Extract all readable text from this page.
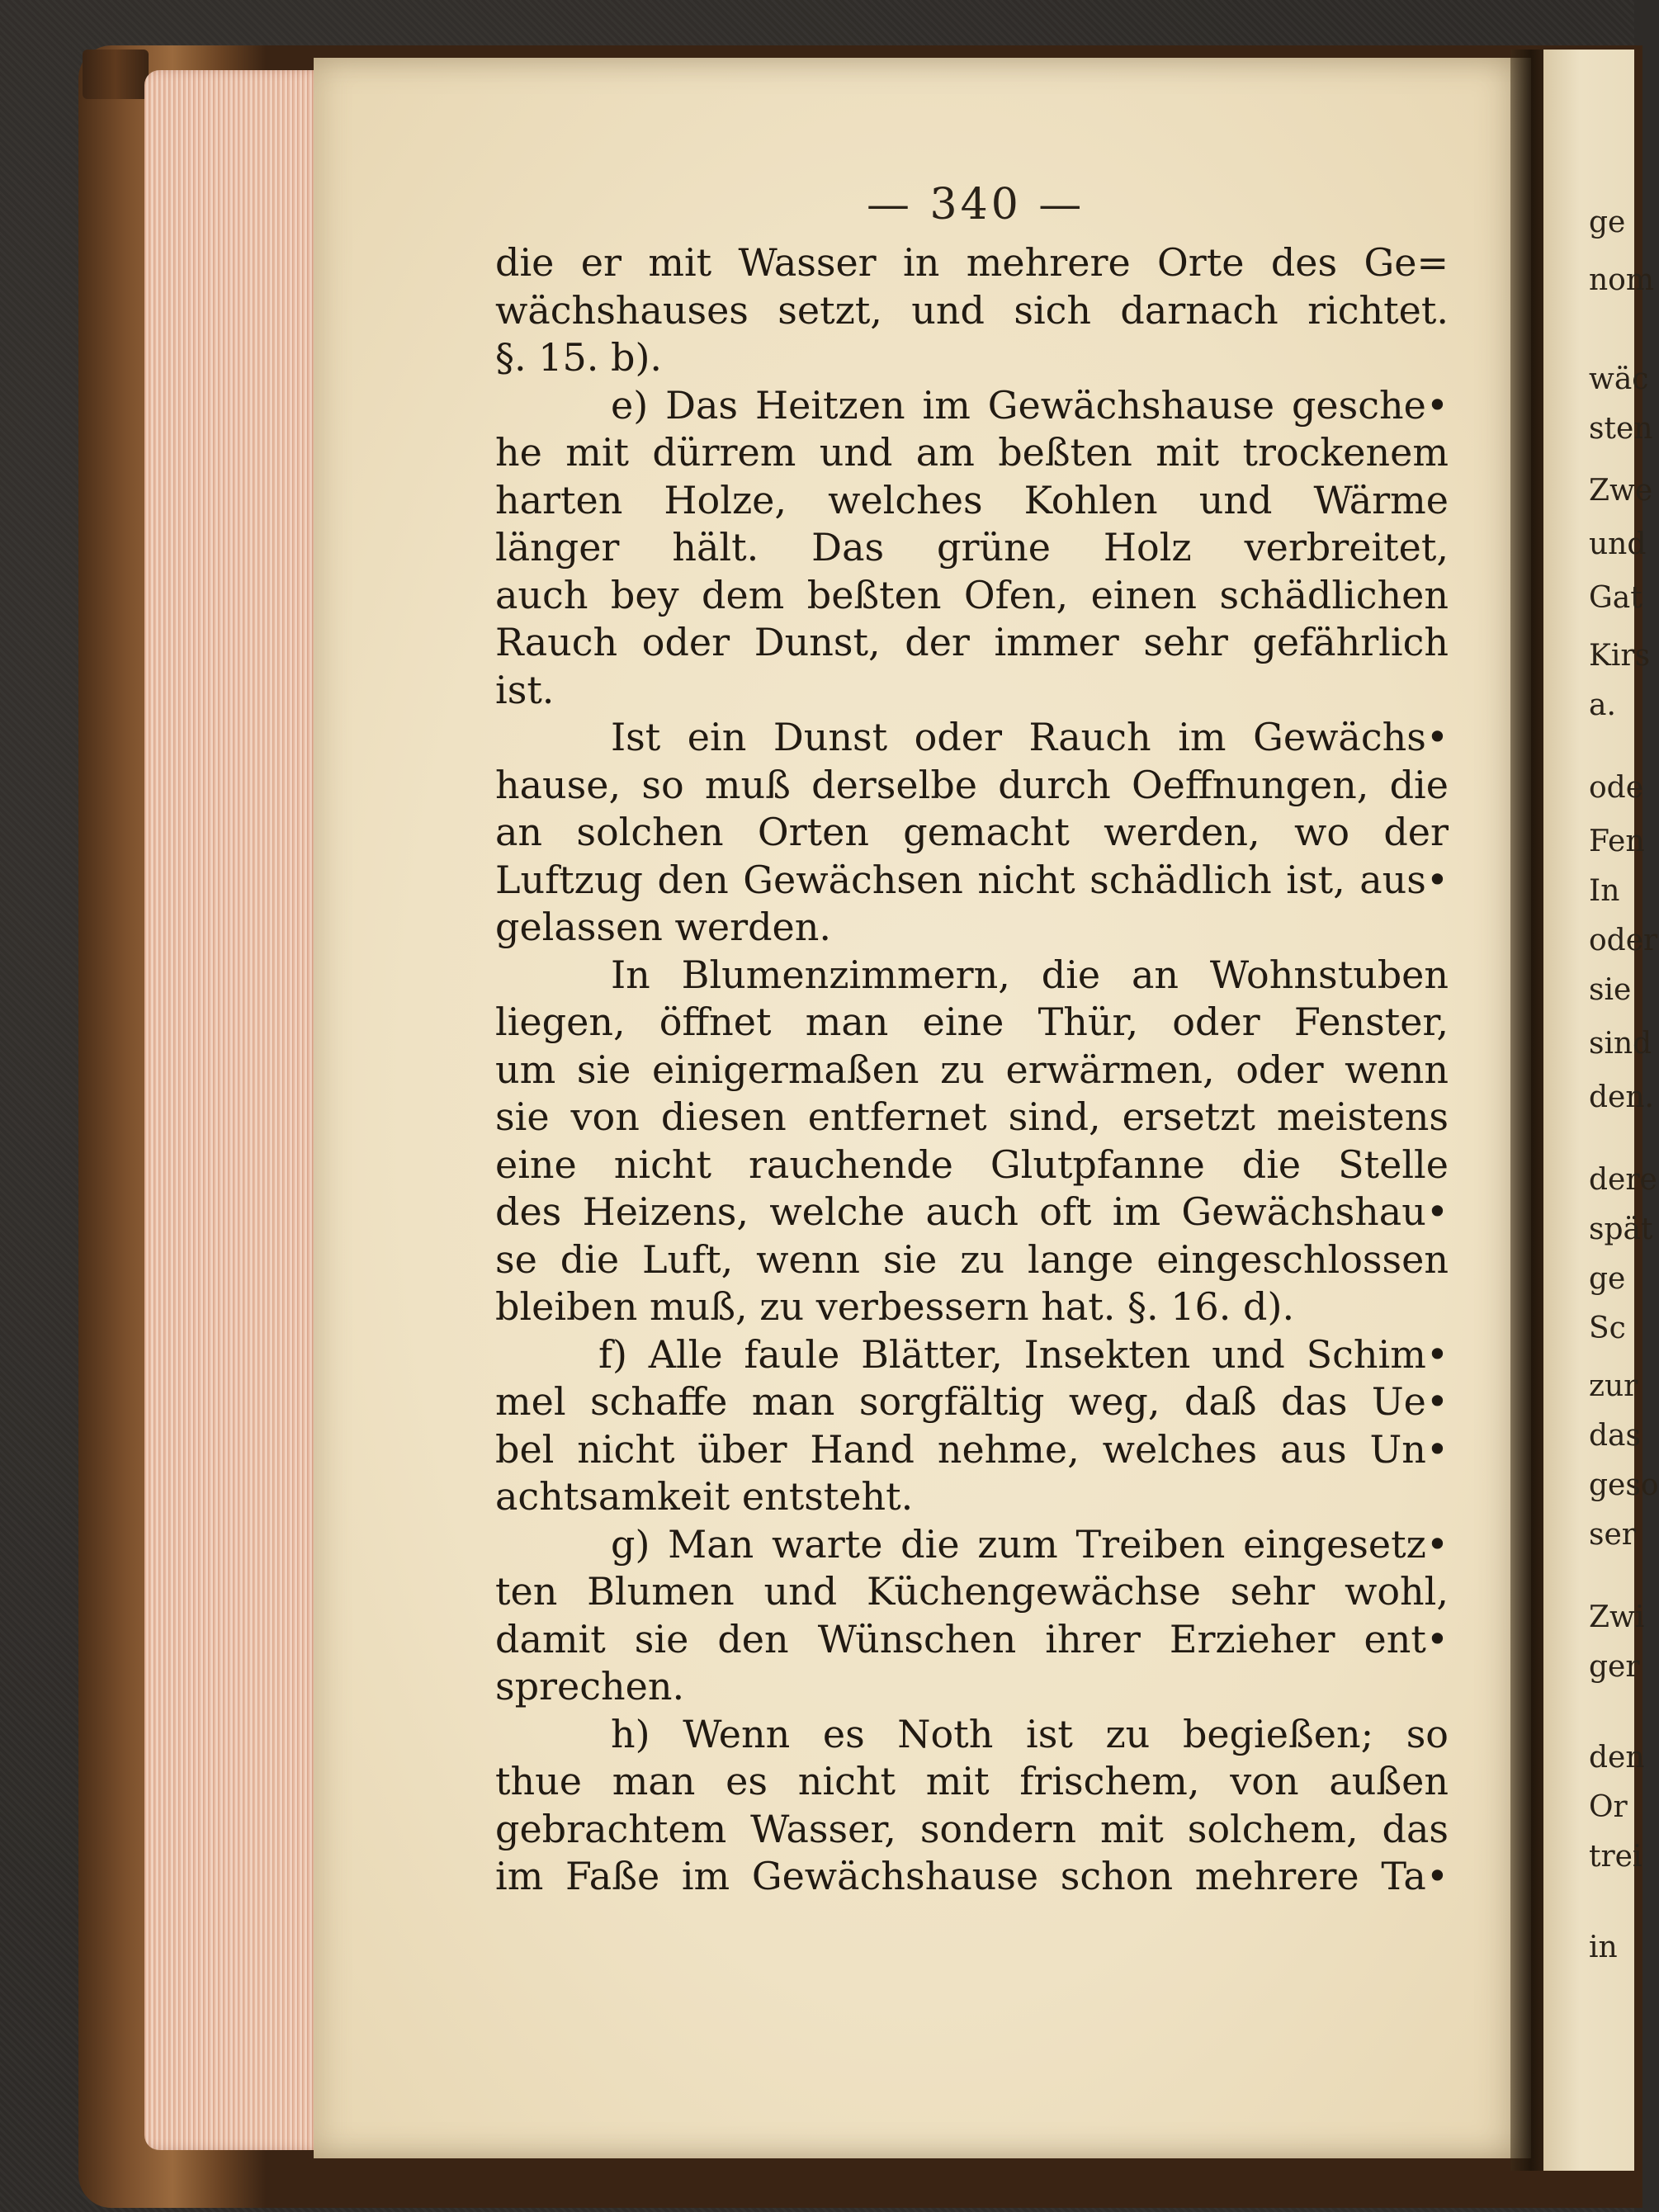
ge
nom
wäc
sten
Zwe
und
Gat
Kirs
a.
ode
Fen
In
oder
sie
sind
den.
dere
spät
ge
Sc
zur
das
geso
ser
Zwi
ger
den
Or
trei
in
— 340 —
die er mit Wasser in mehrere Orte des Ge=
wächshauses setzt, und sich darnach richtet.
§. 15. b).
e) Das Heitzen im Gewächshause gesche•
he mit dürrem und am beßten mit trockenem
harten Holze, welches Kohlen und Wärme
länger hält. Das grüne Holz verbreitet,
auch bey dem beßten Ofen, einen schädlichen
Rauch oder Dunst, der immer sehr gefährlich
ist.
Ist ein Dunst oder Rauch im Gewächs•
hause, so muß derselbe durch Oeffnungen, die
an solchen Orten gemacht werden, wo der
Luftzug den Gewächsen nicht schädlich ist, aus•
gelassen werden.
In Blumenzimmern, die an Wohnstuben
liegen, öffnet man eine Thür, oder Fenster,
um sie einigermaßen zu erwärmen, oder wenn
sie von diesen entfernet sind, ersetzt meistens
eine nicht rauchende Glutpfanne die Stelle
des Heizens, welche auch oft im Gewächshau•
se die Luft, wenn sie zu lange eingeschlossen
bleiben muß, zu verbessern hat. §. 16. d).
f) Alle faule Blätter, Insekten und Schim•
mel schaffe man sorgfältig weg, daß das Ue•
bel nicht über Hand nehme, welches aus Un•
achtsamkeit entsteht.
g) Man warte die zum Treiben eingesetz•
ten Blumen und Küchengewächse sehr wohl,
damit sie den Wünschen ihrer Erzieher ent•
sprechen.
h) Wenn es Noth ist zu begießen; so
thue man es nicht mit frischem, von außen
gebrachtem Wasser, sondern mit solchem, das
im Faße im Gewächshause schon mehrere Ta•
